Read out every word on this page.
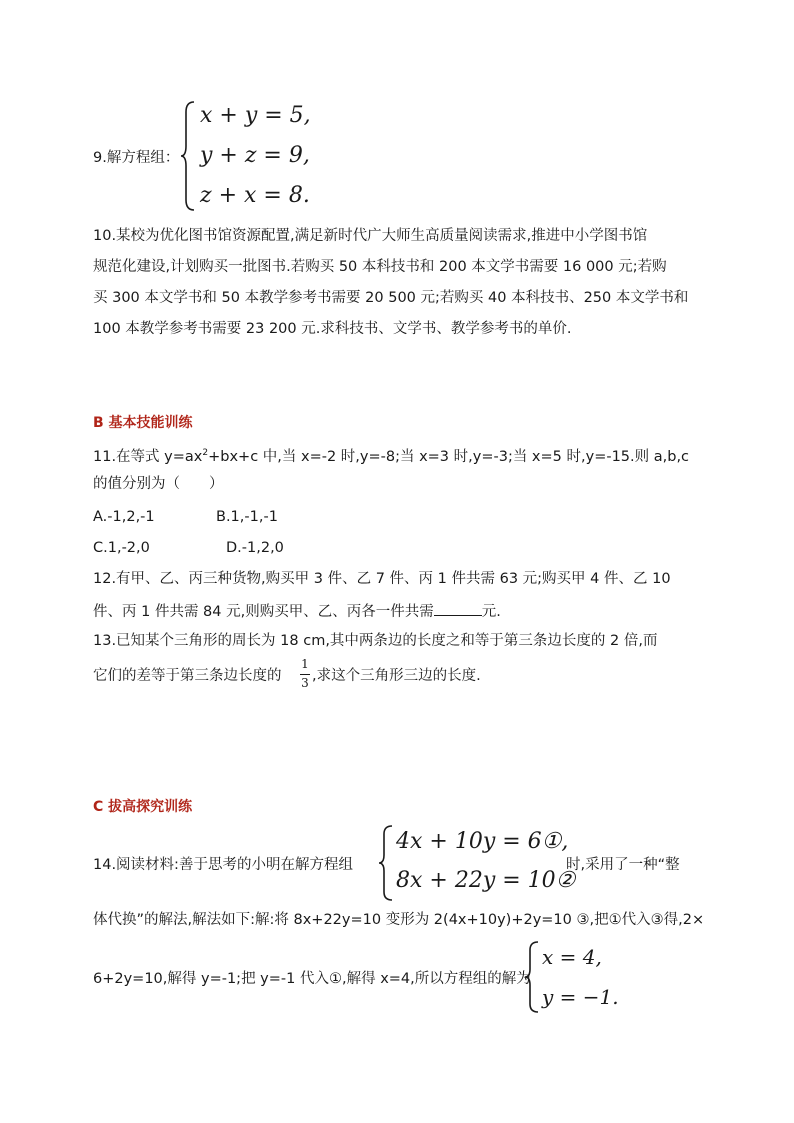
9.解方程组：
x + y = 5,
y + z = 9,
z + x = 8.
10.某校为优化图书馆资源配置,满足新时代广大师生高质量阅读需求,推进中小学图书馆
规范化建设,计划购买一批图书.若购买 50 本科技书和 200 本文学书需要 16 000 元;若购
买 300 本文学书和 50 本教学参考书需要 20 500 元;若购买 40 本科技书、250 本文学书和
100 本教学参考书需要 23 200 元.求科技书、文学书、教学参考书的单价.
B 基本技能训练
11.在等式 $y=ax^2+bx+c$ 中,当 x=-2 时,y=-8;当 x=3 时,y=-3;当 x=5 时,y=-15.则 a,b,c
的值分别为（　　）
A.-1,2,-1	B.1,-1,-1
C.1,-2,0	D.-1,2,0
12.有甲、乙、丙三种货物,购买甲 3 件、乙 7 件、丙 1 件共需 63 元;购买甲 4 件、乙 10
件、丙 1 件共需 84 元,则购买甲、乙、丙各一件共需	元.
13.已知某个三角形的周长为 18 cm,其中两条边的长度之和等于第三条边长度的 2 倍,而
它们的差等于第三条边长度的
1
3 ,求这个三角形三边的长度.
C 拔高探究训练
14.阅读材料:善于思考的小明在解方程组
4x + 10y = 6①,
8x + 22y = 10②
时,采用了一种“整
体代换”的解法,解法如下:解:将 8x+22y=10 变形为 2(4x+10y)+2y=10 ③,把①代入③得,2×
6+2y=10,解得 y=-1;把 y=-1 代入①,解得 x=4,所以方程组的解为
x = 4,
y = −1.
